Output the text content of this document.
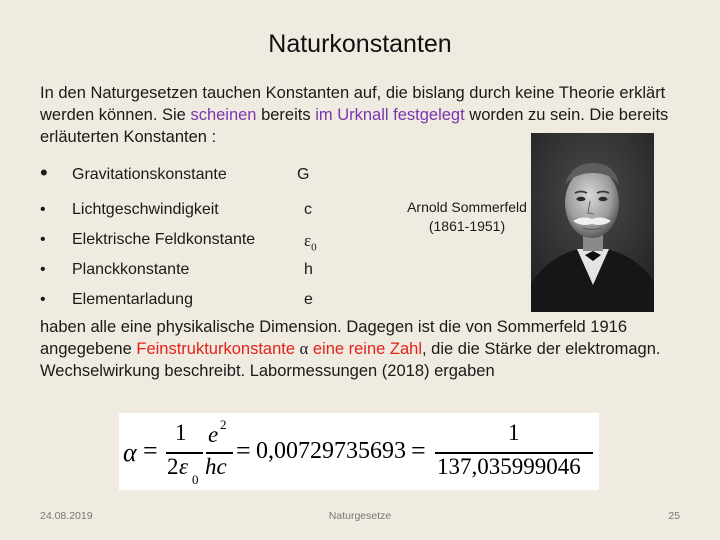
Naturkonstanten
In den Naturgesetzen tauchen Konstanten auf, die bislang durch keine Theorie erklärt werden können. Sie scheinen bereits im Urknall festgelegt worden zu sein. Die bereits erläuterten Konstanten :
• Gravitationskonstante	G
• Lichtgeschwindigkeit	c
• Elektrische Feldkonstante	$\varepsilon_0$
• Planckkonstante	h
• Elementarladung	e
Arnold Sommerfeld
(1861-1951)
haben alle eine physikalische Dimension. Dagegen ist die von Sommerfeld 1916 angegebene Feinstrukturkonstante α eine reine Zahl, die die Stärke der elektromagn. Wechselwirkung beschreibt. Labormessungen (2018) ergaben
α =
1
2 ε
0
e 2
hc
= 0,00729735693 =
1
137,035999046
24.08.2019	Naturgesetze	25
